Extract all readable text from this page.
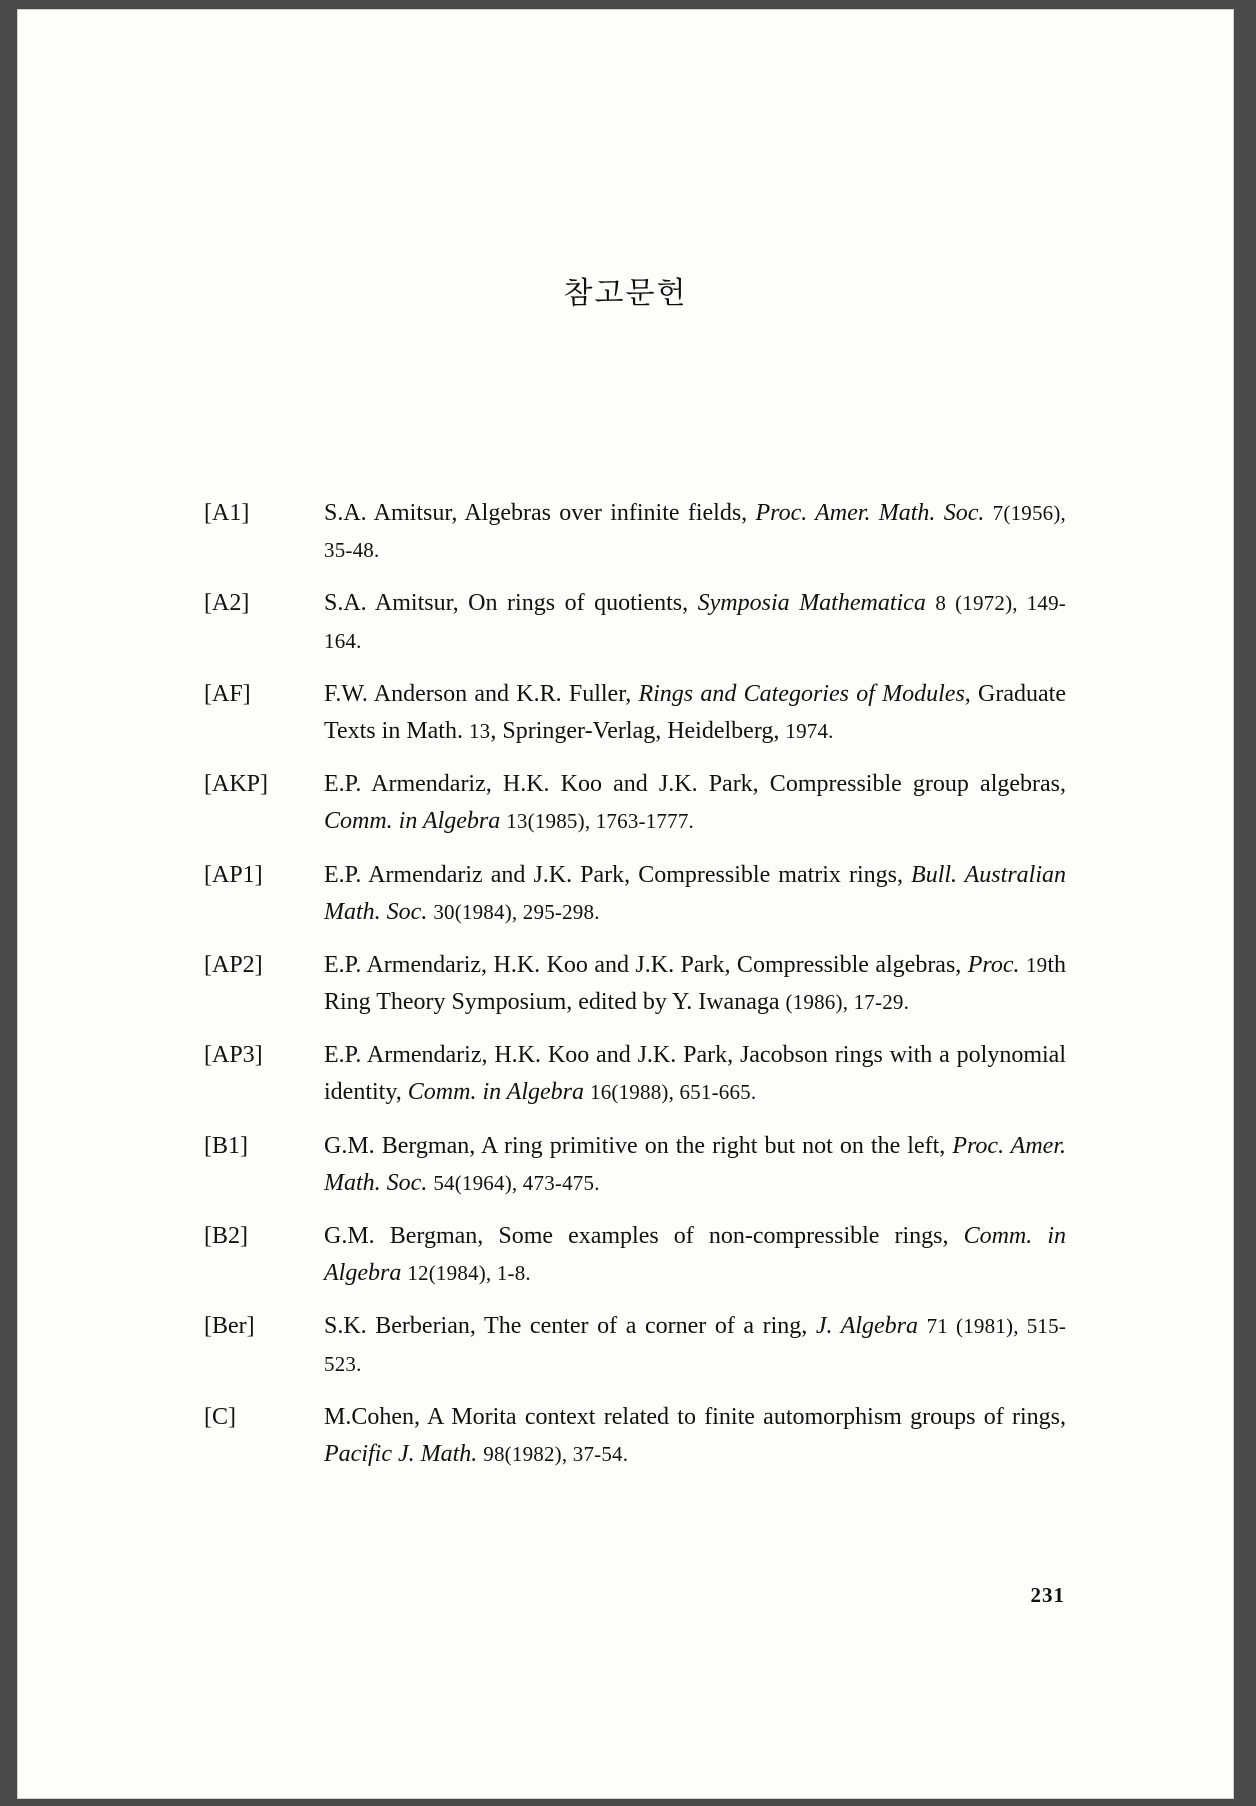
참고문헌
[A1]	S.A. Amitsur, Algebras over infinite fields, Proc. Amer. Math. Soc. 7(1956), 35-48.
[A2]	S.A. Amitsur, On rings of quotients, Symposia Mathematica 8 (1972), 149-164.
[AF]	F.W. Anderson and K.R. Fuller, Rings and Categories of Modules, Graduate Texts in Math. 13, Springer-Verlag, Heidelberg, 1974.
[AKP]	E.P. Armendariz, H.K. Koo and J.K. Park, Compressible group algebras, Comm. in Algebra 13(1985), 1763-1777.
[AP1]	E.P. Armendariz and J.K. Park, Compressible matrix rings, Bull. Australian Math. Soc. 30(1984), 295-298.
[AP2]	E.P. Armendariz, H.K. Koo and J.K. Park, Compressible algebras, Proc. 19th Ring Theory Symposium, edited by Y. Iwanaga (1986), 17-29.
[AP3]	E.P. Armendariz, H.K. Koo and J.K. Park, Jacobson rings with a polynomial identity, Comm. in Algebra 16(1988), 651-665.
[B1]	G.M. Bergman, A ring primitive on the right but not on the left, Proc. Amer. Math. Soc. 54(1964), 473-475.
[B2]	G.M. Bergman, Some examples of non-compressible rings, Comm. in Algebra 12(1984), 1-8.
[Ber]	S.K. Berberian, The center of a corner of a ring, J. Algebra 71 (1981), 515-523.
[C]	M.Cohen, A Morita context related to finite automorphism groups of rings, Pacific J. Math. 98(1982), 37-54.
231
